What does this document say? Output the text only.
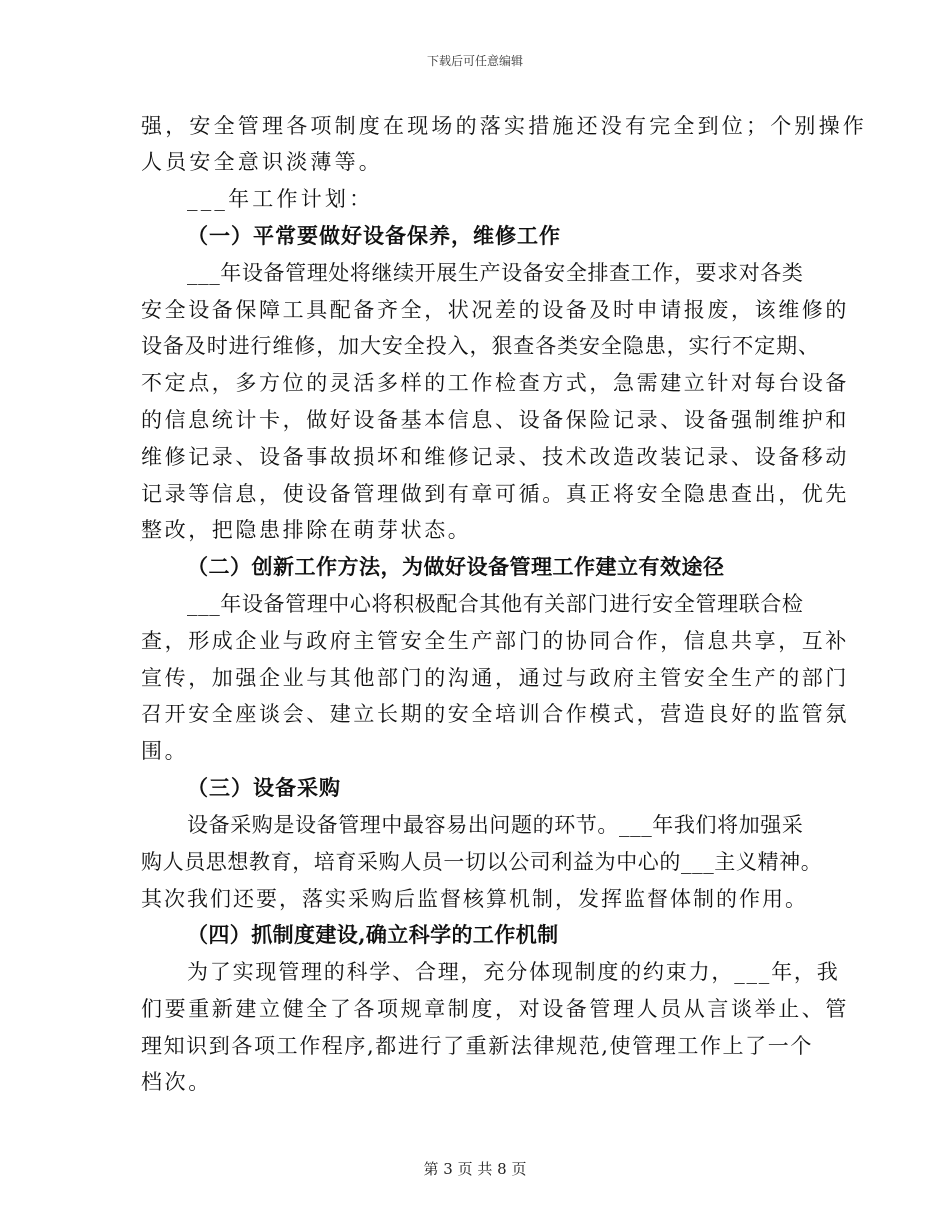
下载后可任意编辑
强，安全管理各项制度在现场的落实措施还没有完全到位；个别操作
人员安全意识淡薄等。
___年工作计划：
（一）平常要做好设备保养，维修工作
___年设备管理处将继续开展生产设备安全排查工作，要求对各类
安全设备保障工具配备齐全，状况差的设备及时申请报废，该维修的
设备及时进行维修，加大安全投入，狠查各类安全隐患，实行不定期、
不定点，多方位的灵活多样的工作检查方式，急需建立针对每台设备
的信息统计卡，做好设备基本信息、设备保险记录、设备强制维护和
维修记录、设备事故损坏和维修记录、技术改造改装记录、设备移动
记录等信息，使设备管理做到有章可循。真正将安全隐患查出，优先
整改，把隐患排除在萌芽状态。
（二）创新工作方法，为做好设备管理工作建立有效途径
___年设备管理中心将积极配合其他有关部门进行安全管理联合检
查，形成企业与政府主管安全生产部门的协同合作，信息共享，互补
宣传，加强企业与其他部门的沟通，通过与政府主管安全生产的部门
召开安全座谈会、建立长期的安全培训合作模式，营造良好的监管氛
围。
（三）设备采购
设备采购是设备管理中最容易出问题的环节。___年我们将加强采
购人员思想教育，培育采购人员一切以公司利益为中心的___主义精神。
其次我们还要，落实采购后监督核算机制，发挥监督体制的作用。
（四）抓制度建设,确立科学的工作机制
为了实现管理的科学、合理，充分体现制度的约束力，___年，我
们要重新建立健全了各项规章制度，对设备管理人员从言谈举止、管
理知识到各项工作程序,都进行了重新法律规范,使管理工作上了一个
档次。
第 3 页 共 8 页
